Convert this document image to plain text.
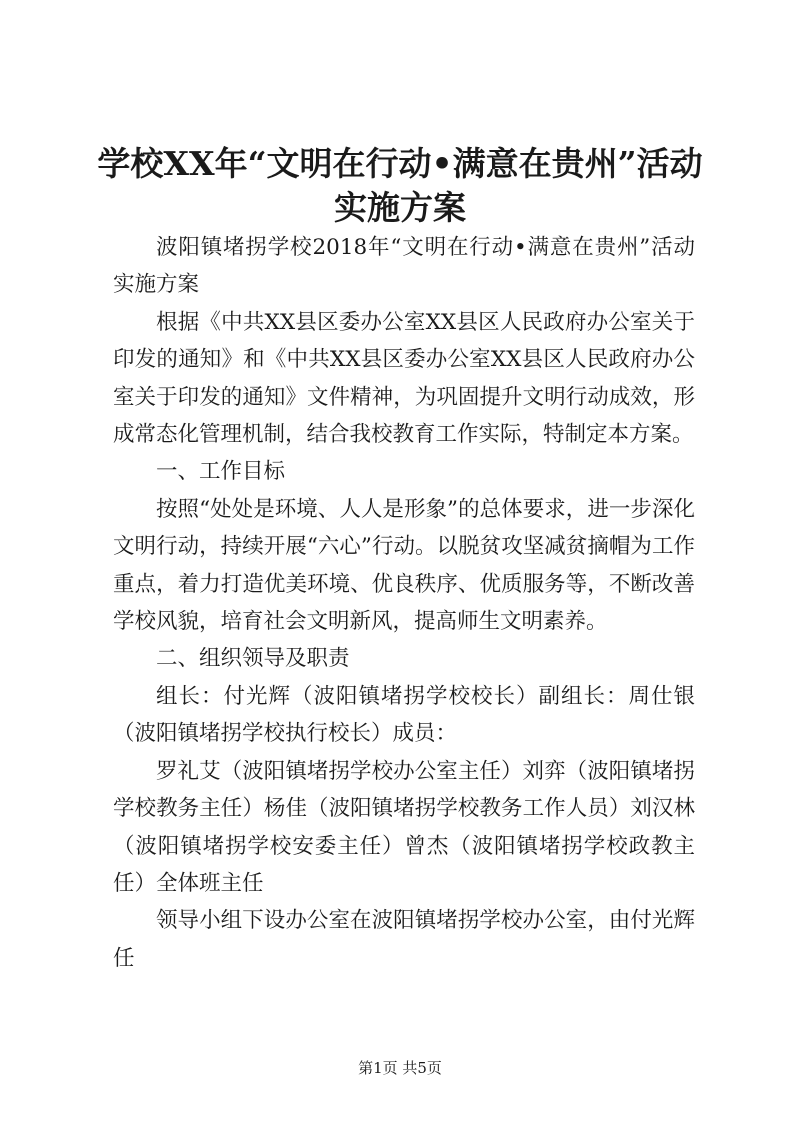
学校XX年“文明在行动•满意在贵州”活动
实施方案

波阳镇堵拐学校2018年“文明在行动•满意在贵州”活动实施方案

根据《中共XX县区委办公室XX县区人民政府办公室关于印发的通知》和《中共XX县区委办公室XX县区人民政府办公室关于印发的通知》文件精神，为巩固提升文明行动成效，形成常态化管理机制，结合我校教育工作实际，特制定本方案。

一、工作目标

按照“处处是环境、人人是形象”的总体要求，进一步深化文明行动，持续开展“六心”行动。以脱贫攻坚减贫摘帽为工作重点，着力打造优美环境、优良秩序、优质服务等，不断改善学校风貌，培育社会文明新风，提高师生文明素养。

二、组织领导及职责

组长：付光辉（波阳镇堵拐学校校长）副组长：周仕银（波阳镇堵拐学校执行校长）成员：

罗礼艾（波阳镇堵拐学校办公室主任）刘弈（波阳镇堵拐学校教务主任）杨佳（波阳镇堵拐学校教务工作人员）刘汉林（波阳镇堵拐学校安委主任）曾杰（波阳镇堵拐学校政教主任）全体班主任

领导小组下设办公室在波阳镇堵拐学校办公室，由付光辉任

第1页 共5页
